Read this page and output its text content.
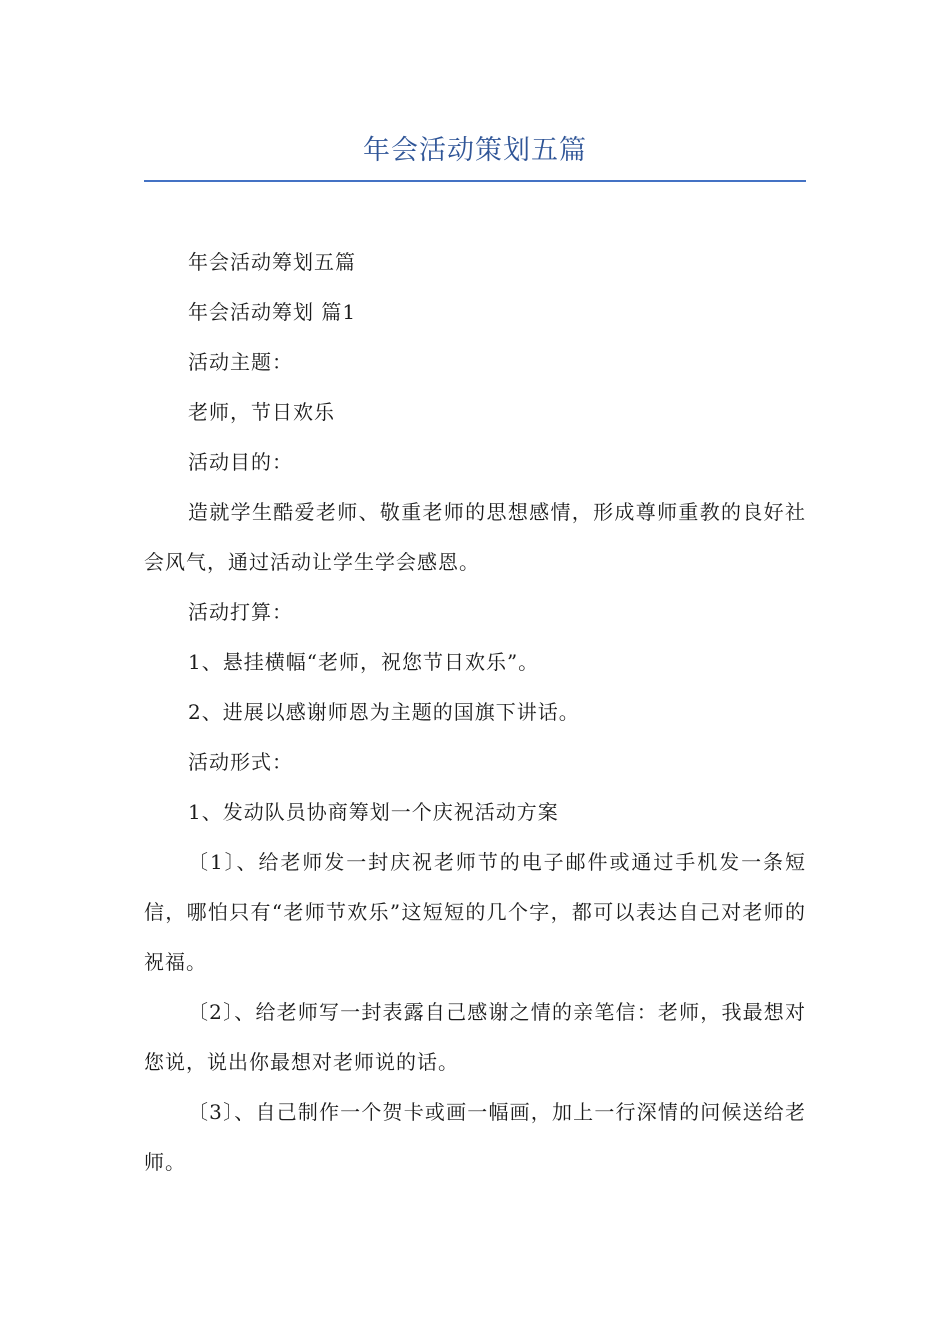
年会活动策划五篇

年会活动筹划五篇

年会活动筹划 篇1

活动主题：

老师，节日欢乐

活动目的：

造就学生酷爱老师、敬重老师的思想感情，形成尊师重教的良好社会风气，通过活动让学生学会感恩。

活动打算：

1、悬挂横幅“老师，祝您节日欢乐”。

2、进展以感谢师恩为主题的国旗下讲话。

活动形式：

1、发动队员协商筹划一个庆祝活动方案

〔1〕、给老师发一封庆祝老师节的电子邮件或通过手机发一条短信，哪怕只有“老师节欢乐”这短短的几个字，都可以表达自己对老师的祝福。

〔2〕、给老师写一封表露自己感谢之情的亲笔信：老师，我最想对您说，说出你最想对老师说的话。

〔3〕、自己制作一个贺卡或画一幅画，加上一行深情的问候送给老师。
